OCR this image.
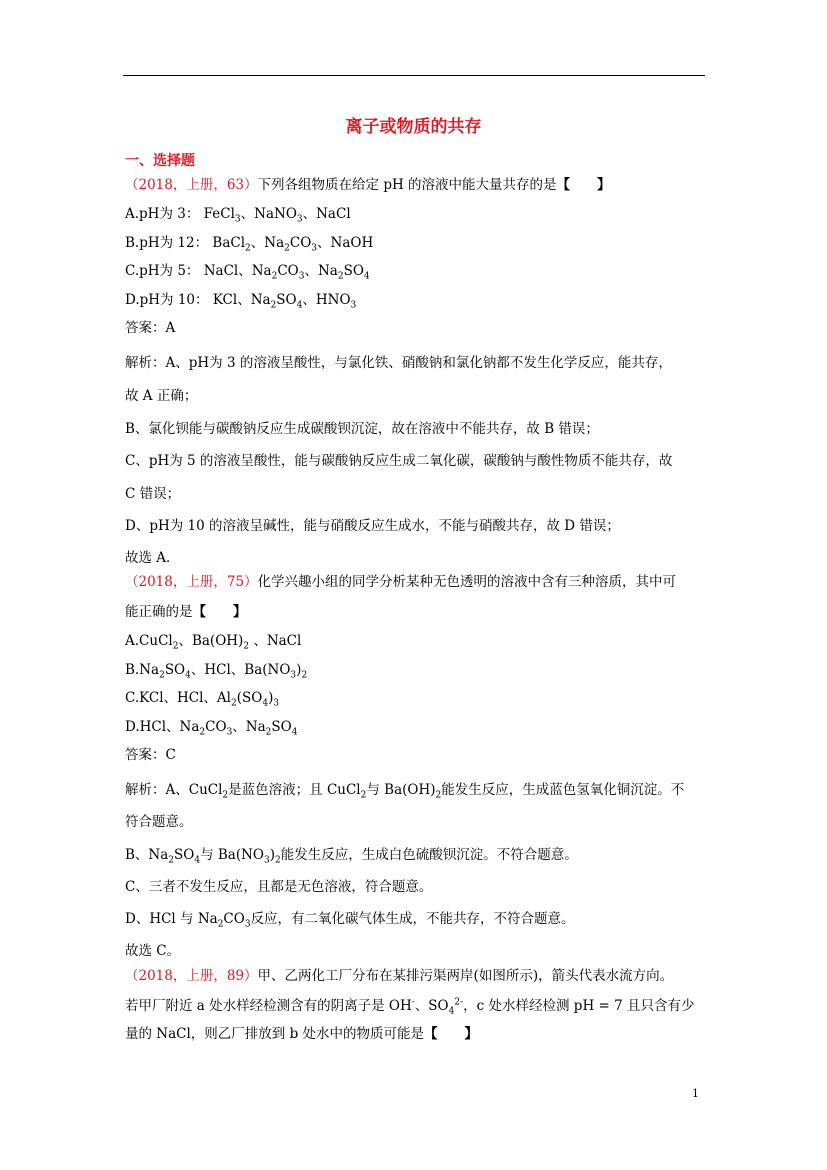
离子或物质的共存
一、选择题
（2018，上册，63）下列各组物质在给定 pH 的溶液中能大量共存的是【　　】
A.pH为 3： FeCl$_3$、NaNO$_3$、NaCl
B.pH为 12： BaCl$_2$、$Na_2CO_3$、NaOH
C.pH为 5： NaCl、$Na_2CO_3$、$Na_2SO_4$
D.pH为 10： KCl、$Na_2SO_4$、$HNO_3$
答案：A
解析：A、pH为 3 的溶液呈酸性，与氯化铁、硝酸钠和氯化钠都不发生化学反应，能共存，
故 A 正确；
B、氯化钡能与碳酸钠反应生成碳酸钡沉淀，故在溶液中不能共存，故 B 错误；
C、pH为 5 的溶液呈酸性，能与碳酸钠反应生成二氧化碳，碳酸钠与酸性物质不能共存，故
C 错误；
D、pH为 10 的溶液呈碱性，能与硝酸反应生成水，不能与硝酸共存，故 D 错误；
故选 A．
（2018，上册，75）化学兴趣小组的同学分析某种无色透明的溶液中含有三种溶质，其中可
能正确的是【　　】
A.CuCl$_2$、$Ba(OH)_2$ 、NaCl
$B.Na_2SO_4$、HCl、$Ba(NO_3)_2$
C.KCl、HCl、$Al_2(SO_4)_3$
D.HCl、$Na_2CO_3$、$Na_2SO_4$
答案：C
解析：A、CuCl$_2$是蓝色溶液；且 CuCl$_2$与 $Ba(OH)_2$能发生反应，生成蓝色氢氧化铜沉淀。不
符合题意。
B、$Na_2SO_4$与 $Ba(NO_3)_2$能发生反应，生成白色硫酸钡沉淀。不符合题意。
C、三者不发生反应，且都是无色溶液，符合题意。
D、HCl 与 $Na_2CO_3$反应，有二氧化碳气体生成，不能共存，不符合题意。
故选 C。
（2018，上册，89）甲、乙两化工厂分布在某排污渠两岸(如图所示)，箭头代表水流方向。
若甲厂附近 a 处水样经检测含有的阴离子是 OH-、$SO_4^{2-}$，c 处水样经检测 pH = 7 且只含有少
量的 NaCl，则乙厂排放到 b 处水中的物质可能是【　　】
1
